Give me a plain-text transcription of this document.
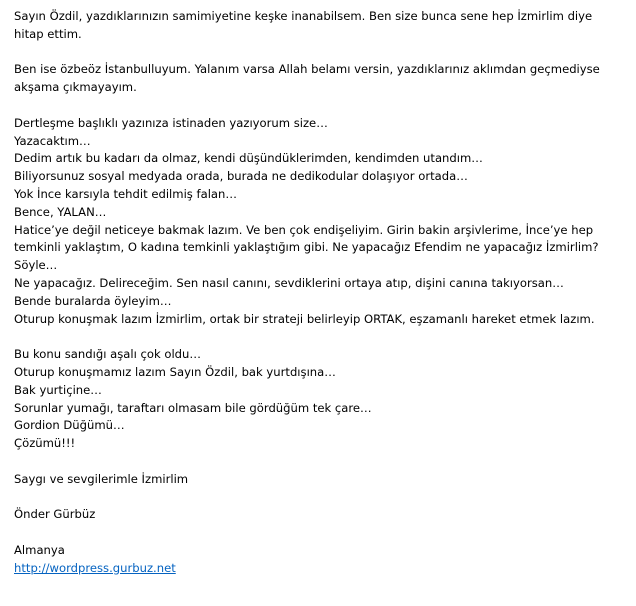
Sayın Özdil, yazdıklarınızın samimiyetine keşke inanabilsem. Ben size bunca sene hep İzmirlim diye
hitap ettim.
Ben ise özbeöz İstanbulluyum. Yalanım varsa Allah belamı versin, yazdıklarınız aklımdan geçmediyse
akşama çıkmayayım.
Dertleşme başlıklı yazınıza istinaden yazıyorum size…
Yazacaktım…
Dedim artık bu kadarı da olmaz, kendi düşündüklerimden, kendimden utandım…
Biliyorsunuz sosyal medyada orada, burada ne dedikodular dolaşıyor ortada…
Yok İnce karsıyla tehdit edilmiş falan…
Bence, YALAN…
Hatice’ye değil neticeye bakmak lazım. Ve ben çok endişeliyim. Girin bakin arşivlerime, İnce’ye hep
temkinli yaklaştım, O kadına temkinli yaklaştığım gibi. Ne yapacağız Efendim ne yapacağız İzmirlim?
Söyle…
Ne yapacağız. Delireceğim. Sen nasıl canını, sevdiklerini ortaya atıp, dişini canına takıyorsan…
Bende buralarda öyleyim…
Oturup konuşmak lazım İzmirlim, ortak bir strateji belirleyip ORTAK, eşzamanlı hareket etmek lazım.
Bu konu sandığı aşalı çok oldu…
Oturup konuşmamız lazım Sayın Özdil, bak yurtdışına…
Bak yurtiçine…
Sorunlar yumağı, taraftarı olmasam bile gördüğüm tek çare…
Gordion Düğümü…
Çözümü!!!
Saygı ve sevgilerimle İzmirlim
Önder Gürbüz
Almanya
http://wordpress.gurbuz.net
